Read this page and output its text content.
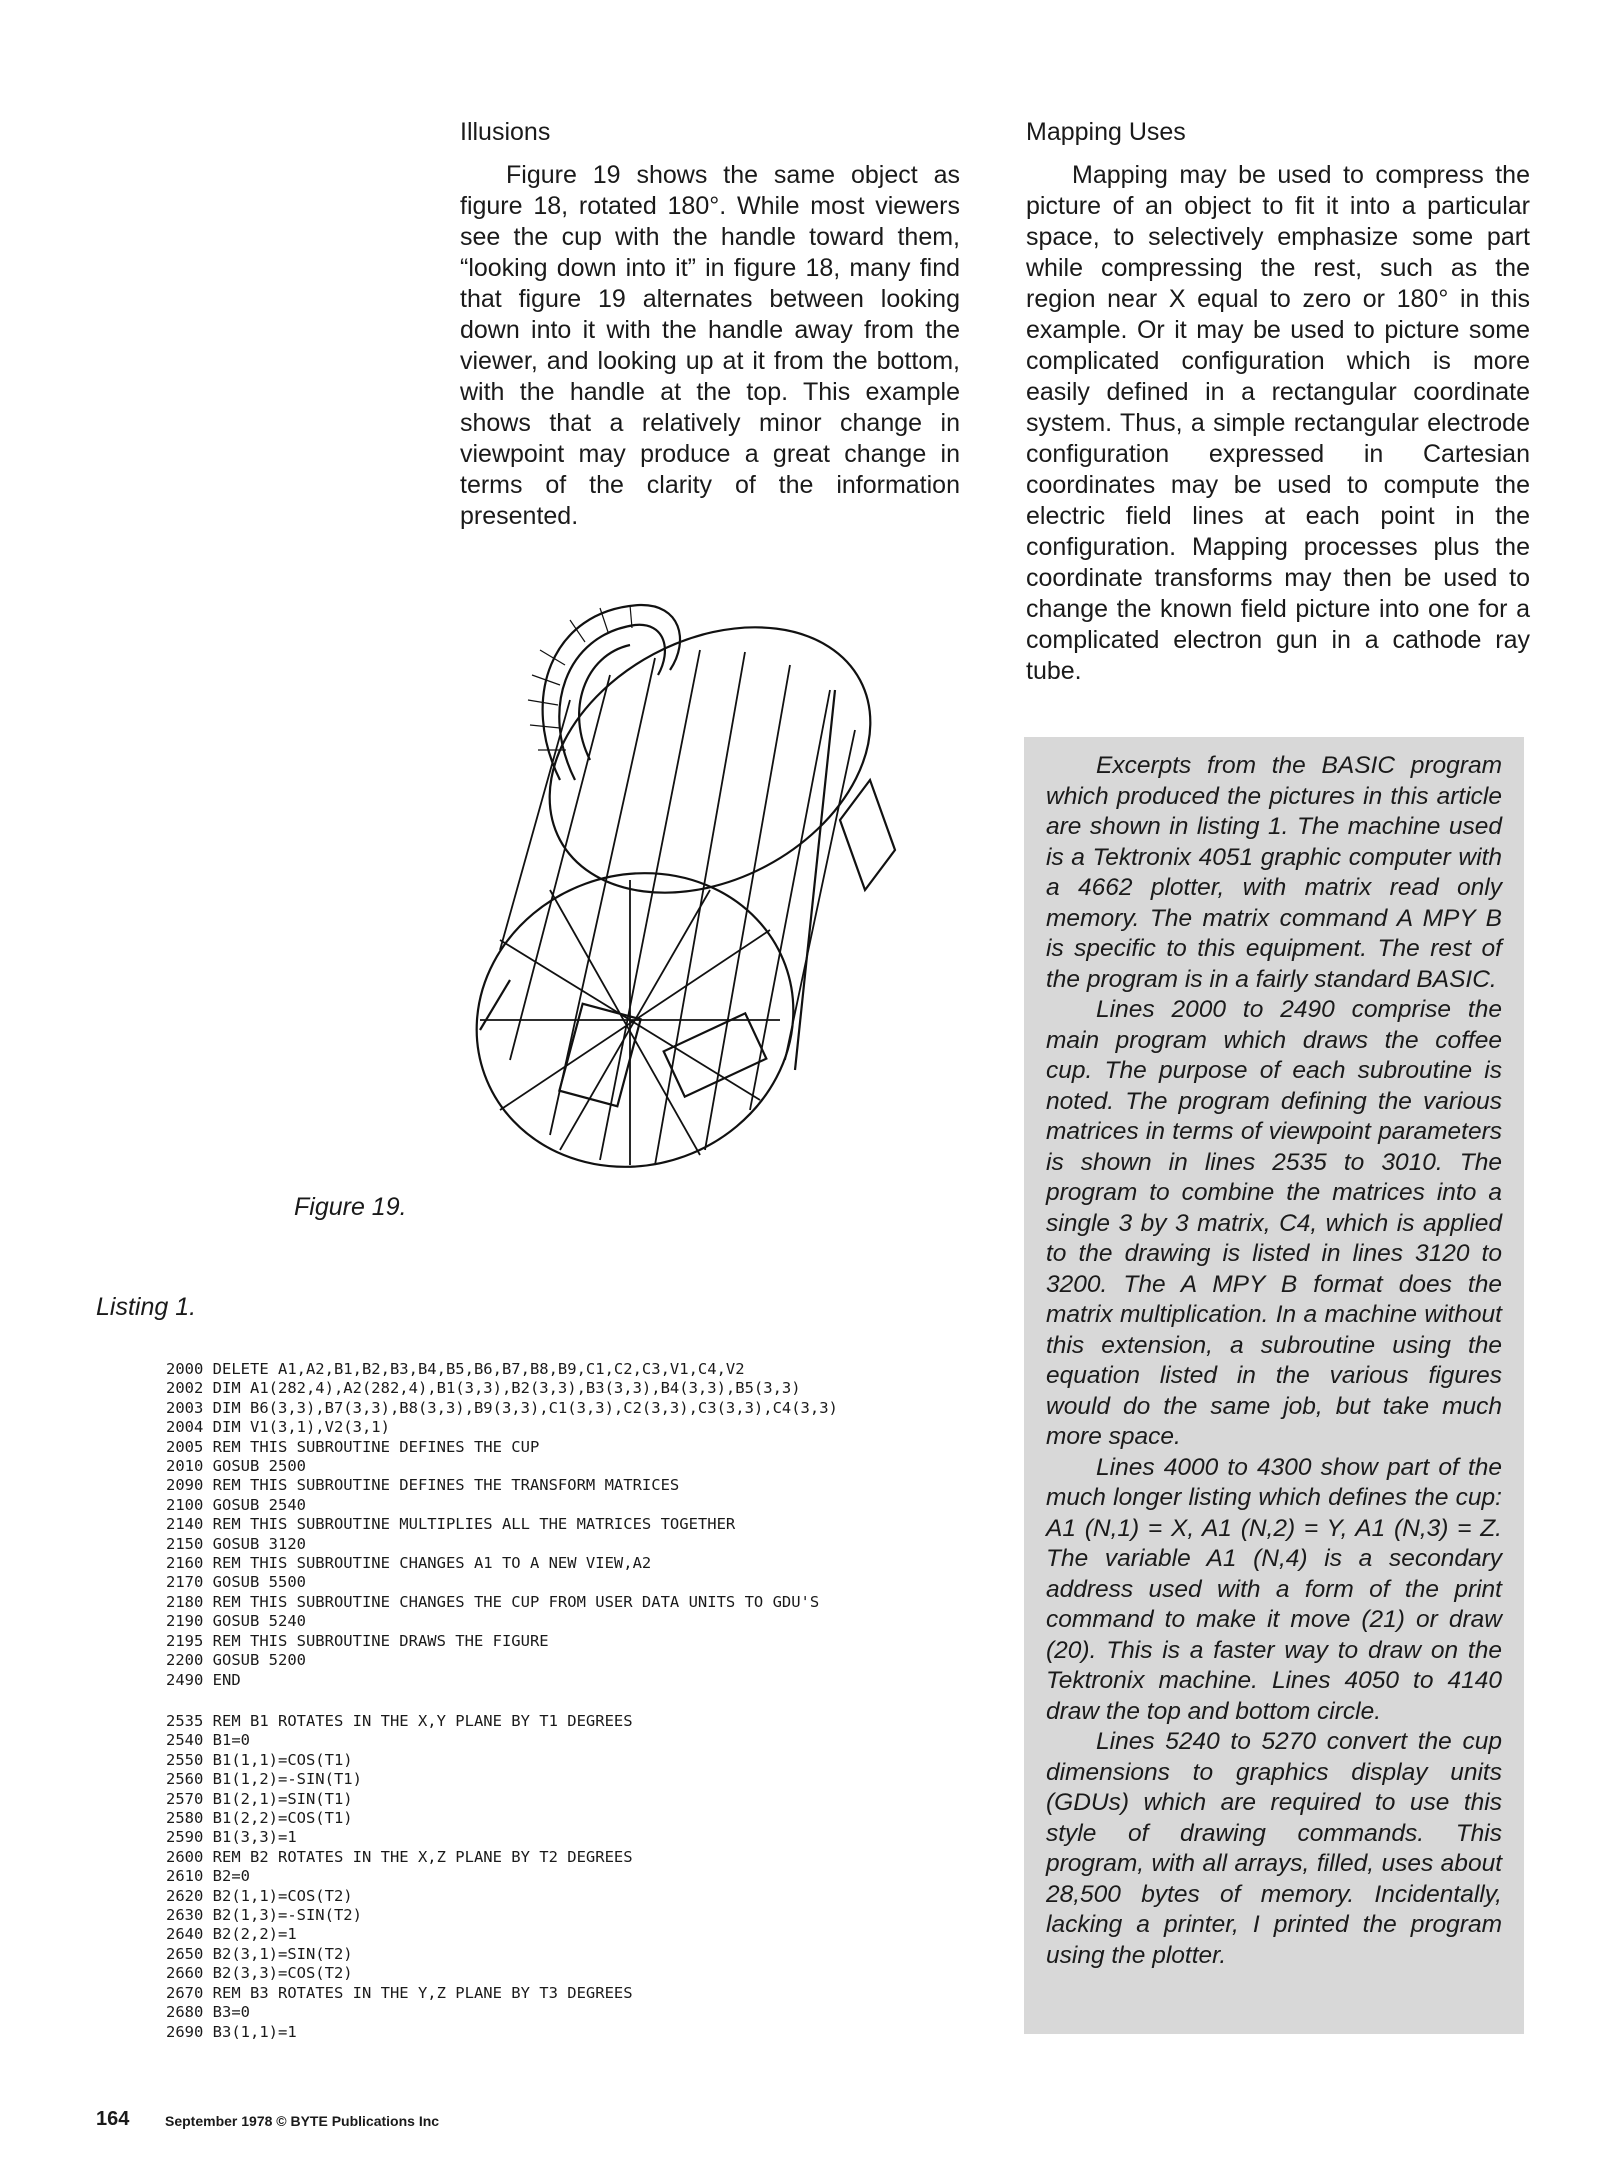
Illusions

Figure 19 shows the same object as figure 18, rotated 180°. While most viewers see the cup with the handle toward them, “looking down into it” in figure 18, many find that figure 19 alternates between looking down into it with the handle away from the viewer, and looking up at it from the bottom, with the handle at the top. This example shows that a relatively minor change in viewpoint may produce a great change in terms of the clarity of the information presented.

Mapping Uses

Mapping may be used to compress the picture of an object to fit it into a particular space, to selectively emphasize some part while compressing the rest, such as the region near X equal to zero or 180° in this example. Or it may be used to picture some complicated configuration which is more easily defined in a rectangular coordinate system. Thus, a simple rectangular electrode configuration expressed in Cartesian coordinates may be used to compute the electric field lines at each point in the configuration. Mapping processes plus the coordinate transforms may then be used to change the known field picture into one for a complicated electron gun in a cathode ray tube.

Figure 19.
Listing 1.
2000 DELETE A1,A2,B1,B2,B3,B4,B5,B6,B7,B8,B9,C1,C2,C3,V1,C4,V2
2002 DIM A1(282,4),A2(282,4),B1(3,3),B2(3,3),B3(3,3),B4(3,3),B5(3,3)
2003 DIM B6(3,3),B7(3,3),B8(3,3),B9(3,3),C1(3,3),C2(3,3),C3(3,3),C4(3,3)
2004 DIM V1(3,1),V2(3,1)
2005 REM THIS SUBROUTINE DEFINES THE CUP
2010 GOSUB 2500
2090 REM THIS SUBROUTINE DEFINES THE TRANSFORM MATRICES
2100 GOSUB 2540
2140 REM THIS SUBROUTINE MULTIPLIES ALL THE MATRICES TOGETHER
2150 GOSUB 3120
2160 REM THIS SUBROUTINE CHANGES A1 TO A NEW VIEW,A2
2170 GOSUB 5500
2180 REM THIS SUBROUTINE CHANGES THE CUP FROM USER DATA UNITS TO GDU'S
2190 GOSUB 5240
2195 REM THIS SUBROUTINE DRAWS THE FIGURE
2200 GOSUB 5200
2490 END
2535 REM B1 ROTATES IN THE X,Y PLANE BY T1 DEGREES
2540 B1=0
2550 B1(1,1)=COS(T1)
2560 B1(1,2)=-SIN(T1)
2570 B1(2,1)=SIN(T1)
2580 B1(2,2)=COS(T1)
2590 B1(3,3)=1
2600 REM B2 ROTATES IN THE X,Z PLANE BY T2 DEGREES
2610 B2=0
2620 B2(1,1)=COS(T2)
2630 B2(1,3)=-SIN(T2)
2640 B2(2,2)=1
2650 B2(3,1)=SIN(T2)
2660 B2(3,3)=COS(T2)
2670 REM B3 ROTATES IN THE Y,Z PLANE BY T3 DEGREES
2680 B3=0
2690 B3(1,1)=1

Excerpts from the BASIC program which produced the pictures in this article are shown in listing 1. The machine used is a Tektronix 4051 graphic computer with a 4662 plotter, with matrix read only memory. The matrix command A MPY B is specific to this equipment. The rest of the program is in a fairly standard BASIC.

Lines 2000 to 2490 comprise the main program which draws the coffee cup. The purpose of each subroutine is noted. The program defining the various matrices in terms of viewpoint parameters is shown in lines 2535 to 3010. The program to combine the matrices into a single 3 by 3 matrix, C4, which is applied to the drawing is listed in lines 3120 to 3200. The A MPY B format does the matrix multiplication. In a machine without this extension, a subroutine using the equation listed in the various figures would do the same job, but take much more space.

Lines 4000 to 4300 show part of the much longer listing which defines the cup: A1 (N,1) = X, A1 (N,2) = Y, A1 (N,3) = Z. The variable A1 (N,4) is a secondary address used with a form of the print command to make it move (21) or draw (20). This is a faster way to draw on the Tektronix machine. Lines 4050 to 4140 draw the top and bottom circle.

Lines 5240 to 5270 convert the cup dimensions to graphics display units (GDUs) which are required to use this style of drawing commands. This program, with all arrays, filled, uses about 28,500 bytes of memory. Incidentally, lacking a printer, I printed the program using the plotter.

164	September 1978 © BYTE Publications Inc
